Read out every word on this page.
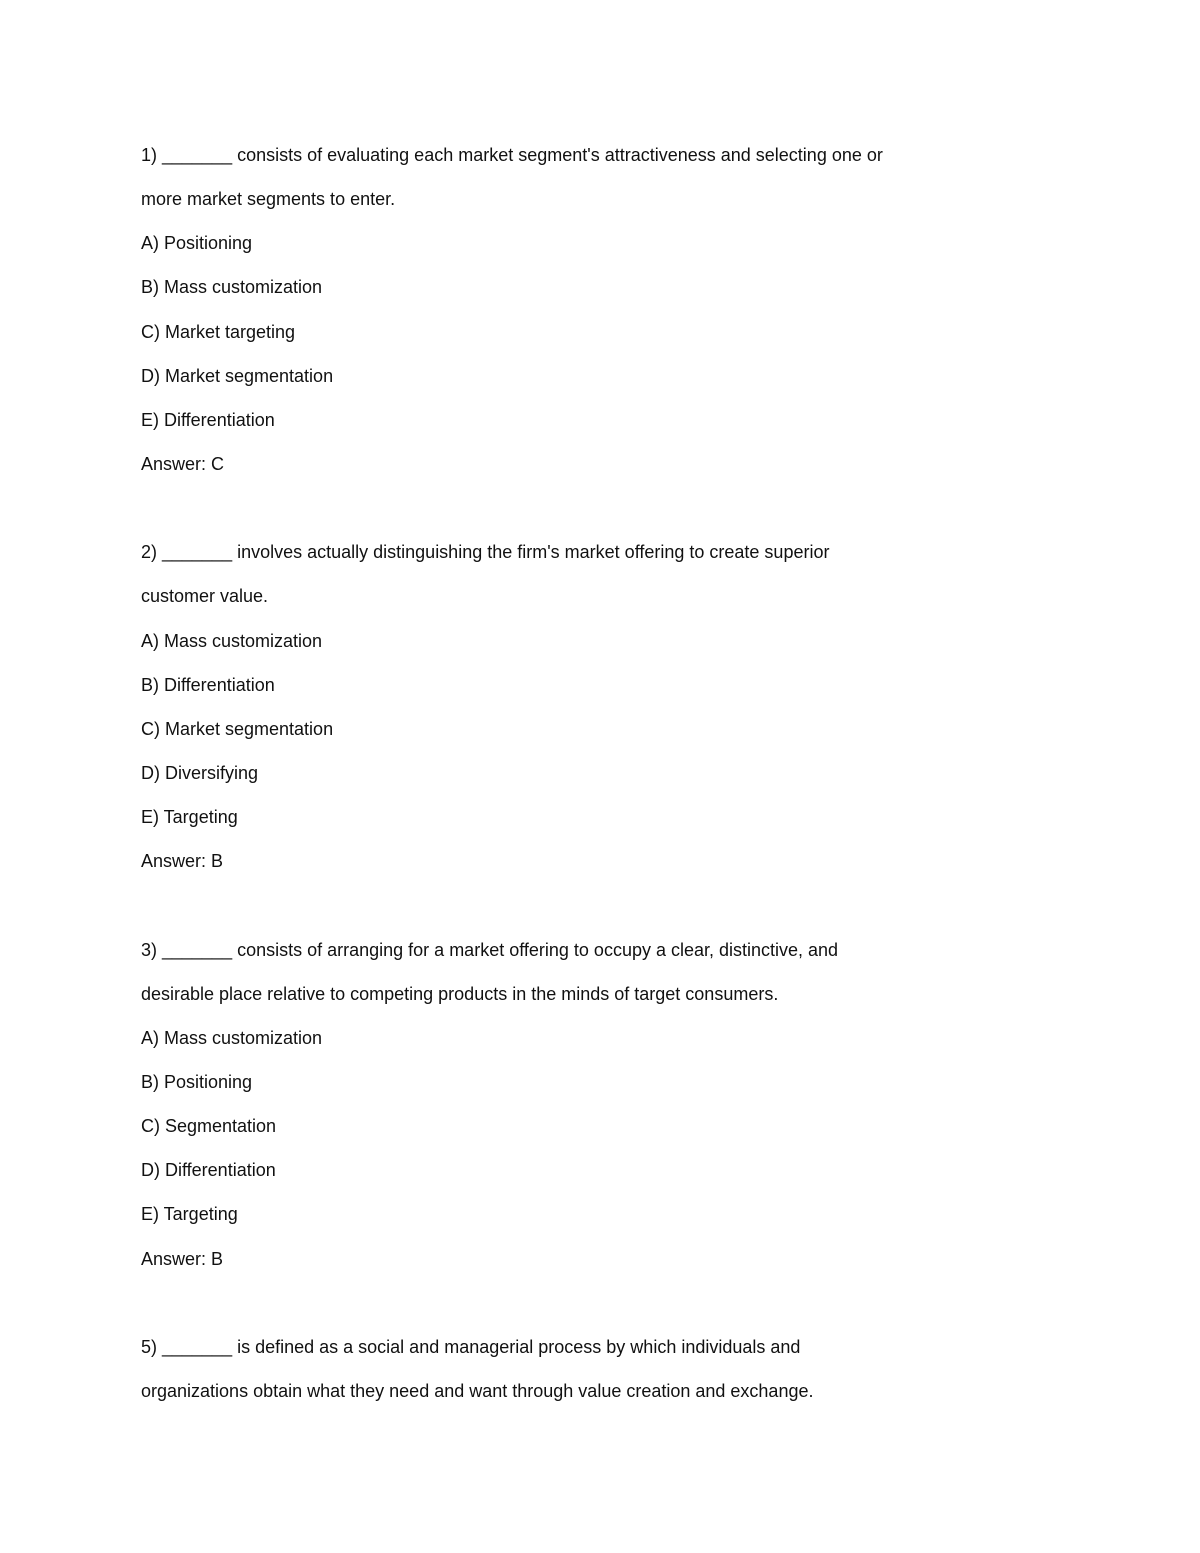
1) _______ consists of evaluating each market segment's attractiveness and selecting one or
more market segments to enter.
A) Positioning
B) Mass customization
C) Market targeting
D) Market segmentation
E) Differentiation
Answer: C
2) _______ involves actually distinguishing the firm's market offering to create superior
customer value.
A) Mass customization
B) Differentiation
C) Market segmentation
D) Diversifying
E) Targeting
Answer: B
3) _______ consists of arranging for a market offering to occupy a clear, distinctive, and
desirable place relative to competing products in the minds of target consumers.
A) Mass customization
B) Positioning
C) Segmentation
D) Differentiation
E) Targeting
Answer: B
5) _______ is defined as a social and managerial process by which individuals and
organizations obtain what they need and want through value creation and exchange.
